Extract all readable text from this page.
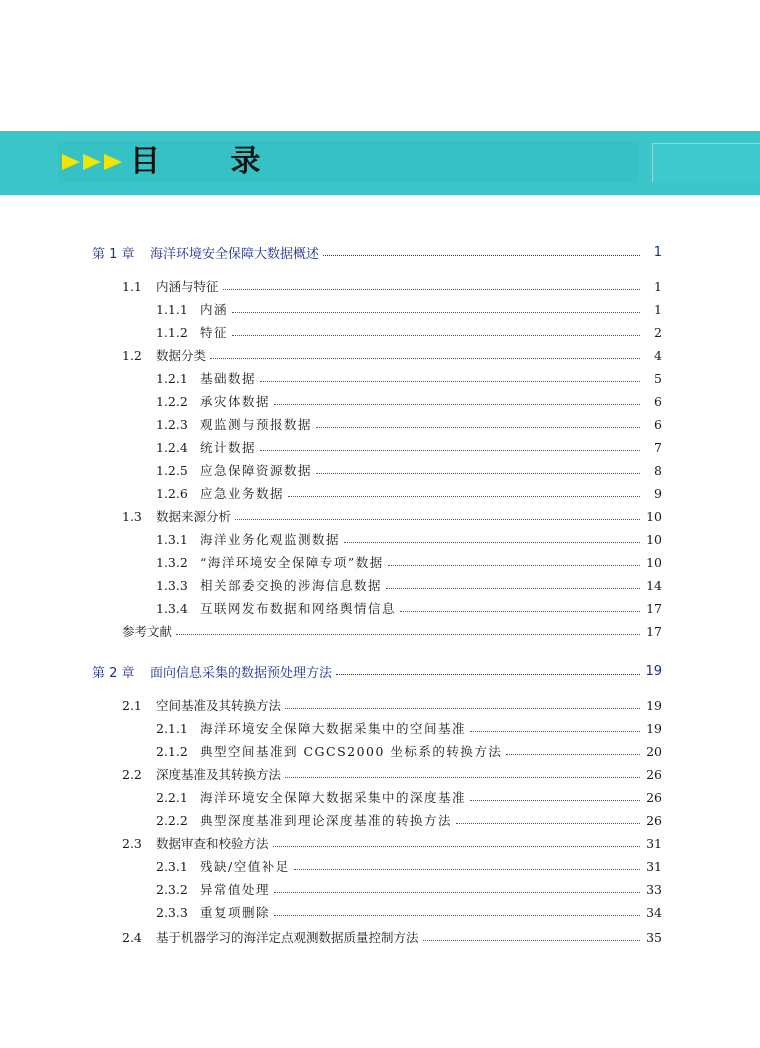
目 录
第 1 章 海洋环境安全保障大数据概述	1
1.1 内涵与特征	1
1.1.1 内涵	1
1.1.2 特征	2
1.2 数据分类	4
1.2.1 基础数据	5
1.2.2 承灾体数据	6
1.2.3 观监测与预报数据	6
1.2.4 统计数据	7
1.2.5 应急保障资源数据	8
1.2.6 应急业务数据	9
1.3 数据来源分析	10
1.3.1 海洋业务化观监测数据	10
1.3.2 “海洋环境安全保障专项”数据	10
1.3.3 相关部委交换的涉海信息数据	14
1.3.4 互联网发布数据和网络舆情信息	17
参考文献	17
第 2 章 面向信息采集的数据预处理方法	19
2.1 空间基准及其转换方法	19
2.1.1 海洋环境安全保障大数据采集中的空间基准	19
2.1.2 典型空间基准到 CGCS2000 坐标系的转换方法	20
2.2 深度基准及其转换方法	26
2.2.1 海洋环境安全保障大数据采集中的深度基准	26
2.2.2 典型深度基准到理论深度基准的转换方法	26
2.3 数据审查和校验方法	31
2.3.1 残缺/空值补足	31
2.3.2 异常值处理	33
2.3.3 重复项删除	34
2.4 基于机器学习的海洋定点观测数据质量控制方法	35
